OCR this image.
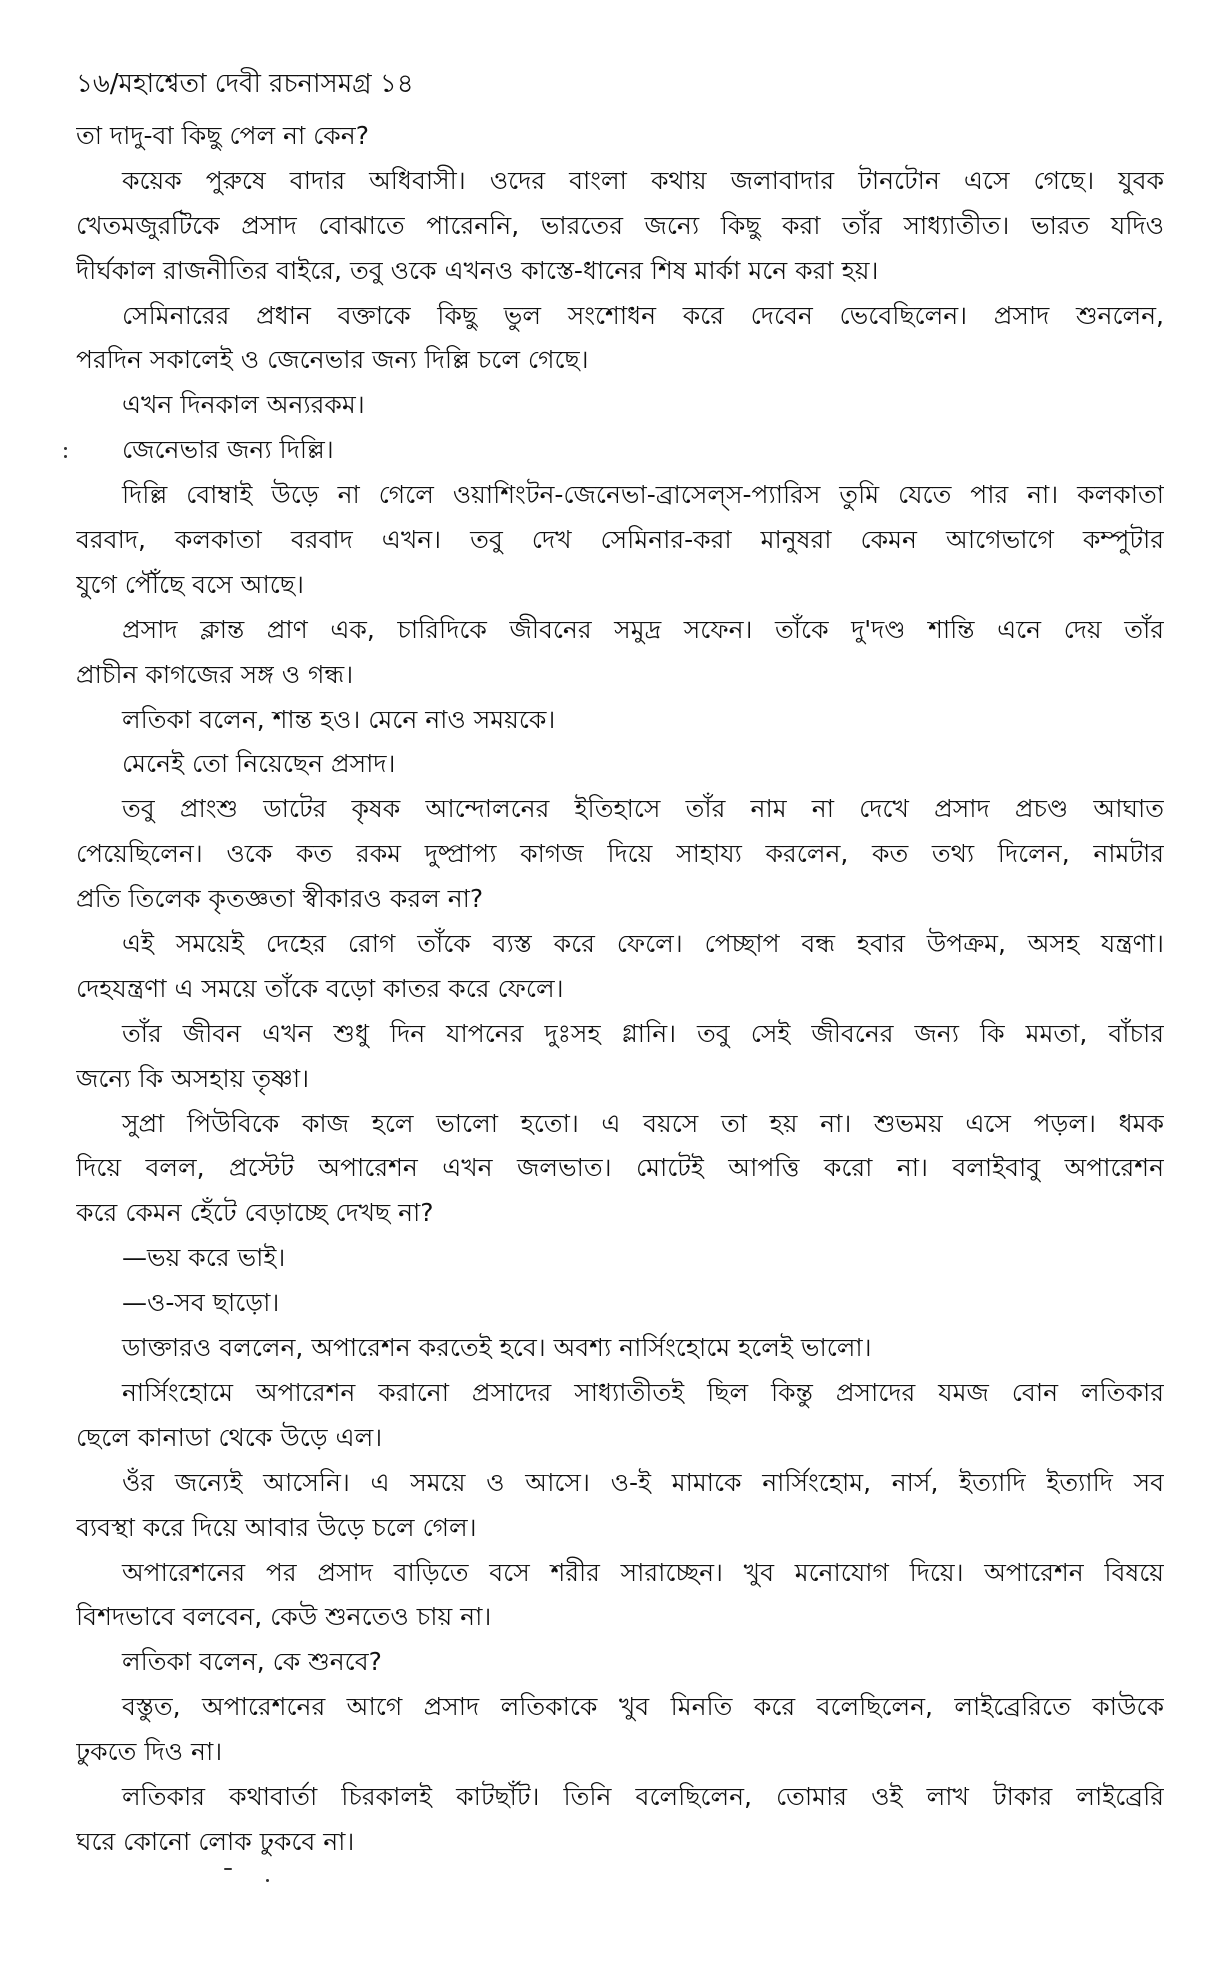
১৬/মহাশ্বেতা দেবী রচনাসমগ্র ১৪
তা দাদু-বা কিছু পেল না কেন?
কয়েক পুরুষে বাদার অধিবাসী। ওদের বাংলা কথায় জলাবাদার টানটোন এসে গেছে। যুবক
খেতমজুরটিকে প্রসাদ বোঝাতে পারেননি, ভারতের জন্যে কিছু করা তাঁর সাধ্যাতীত। ভারত যদিও
দীর্ঘকাল রাজনীতির বাইরে, তবু ওকে এখনও কাস্তে-ধানের শিষ মার্কা মনে করা হয়।
সেমিনারের প্রধান বক্তাকে কিছু ভুল সংশোধন করে দেবেন ভেবেছিলেন। প্রসাদ শুনলেন,
পরদিন সকালেই ও জেনেভার জন্য দিল্লি চলে গেছে।
এখন দিনকাল অন্যরকম।
জেনেভার জন্য দিল্লি।
দিল্লি বোম্বাই উড়ে না গেলে ওয়াশিংটন-জেনেভা-ব্রাসেল্স-প্যারিস তুমি যেতে পার না। কলকাতা
বরবাদ, কলকাতা বরবাদ এখন। তবু দেখ সেমিনার-করা মানুষরা কেমন আগেভাগে কম্পুটার
যুগে পৌঁছে বসে আছে।
প্রসাদ ক্লান্ত প্রাণ এক, চারিদিকে জীবনের সমুদ্র সফেন। তাঁকে দু'দণ্ড শান্তি এনে দেয় তাঁর
প্রাচীন কাগজের সঙ্গ ও গন্ধ।
লতিকা বলেন, শান্ত হও। মেনে নাও সময়কে।
মেনেই তো নিয়েছেন প্রসাদ।
তবু প্রাংশু ডাটের কৃষক আন্দোলনের ইতিহাসে তাঁর নাম না দেখে প্রসাদ প্রচণ্ড আঘাত
পেয়েছিলেন। ওকে কত রকম দুষ্প্রাপ্য কাগজ দিয়ে সাহায্য করলেন, কত তথ্য দিলেন, নামটার
প্রতি তিলেক কৃতজ্ঞতা স্বীকারও করল না?
এই সময়েই দেহের রোগ তাঁকে ব্যস্ত করে ফেলে। পেচ্ছাপ বন্ধ হবার উপক্রম, অসহ যন্ত্রণা।
দেহযন্ত্রণা এ সময়ে তাঁকে বড়ো কাতর করে ফেলে।
তাঁর জীবন এখন শুধু দিন যাপনের দুঃসহ গ্লানি। তবু সেই জীবনের জন্য কি মমতা, বাঁচার
জন্যে কি অসহায় তৃষ্ণা।
সুপ্রা পিউবিকে কাজ হলে ভালো হতো। এ বয়সে তা হয় না। শুভময় এসে পড়ল। ধমক
দিয়ে বলল, প্রস্টেট অপারেশন এখন জলভাত। মোটেই আপত্তি করো না। বলাইবাবু অপারেশন
করে কেমন হেঁটে বেড়াচ্ছে দেখছ না?
—ভয় করে ভাই।
—ও-সব ছাড়ো।
ডাক্তারও বললেন, অপারেশন করতেই হবে। অবশ্য নার্সিংহোমে হলেই ভালো।
নার্সিংহোমে অপারেশন করানো প্রসাদের সাধ্যাতীতই ছিল কিন্তু প্রসাদের যমজ বোন লতিকার
ছেলে কানাডা থেকে উড়ে এল।
ওঁর জন্যেই আসেনি। এ সময়ে ও আসে। ও-ই মামাকে নার্সিংহোম, নার্স, ইত্যাদি ইত্যাদি সব
ব্যবস্থা করে দিয়ে আবার উড়ে চলে গেল।
অপারেশনের পর প্রসাদ বাড়িতে বসে শরীর সারাচ্ছেন। খুব মনোযোগ দিয়ে। অপারেশন বিষয়ে
বিশদভাবে বলবেন, কেউ শুনতেও চায় না।
লতিকা বলেন, কে শুনবে?
বস্তুত, অপারেশনের আগে প্রসাদ লতিকাকে খুব মিনতি করে বলেছিলেন, লাইব্রেরিতে কাউকে
ঢুকতে দিও না।
লতিকার কথাবার্তা চিরকালই কাটছাঁট। তিনি বলেছিলেন, তোমার ওই লাখ টাকার লাইব্রেরি
ঘরে কোনো লোক ঢুকবে না।
